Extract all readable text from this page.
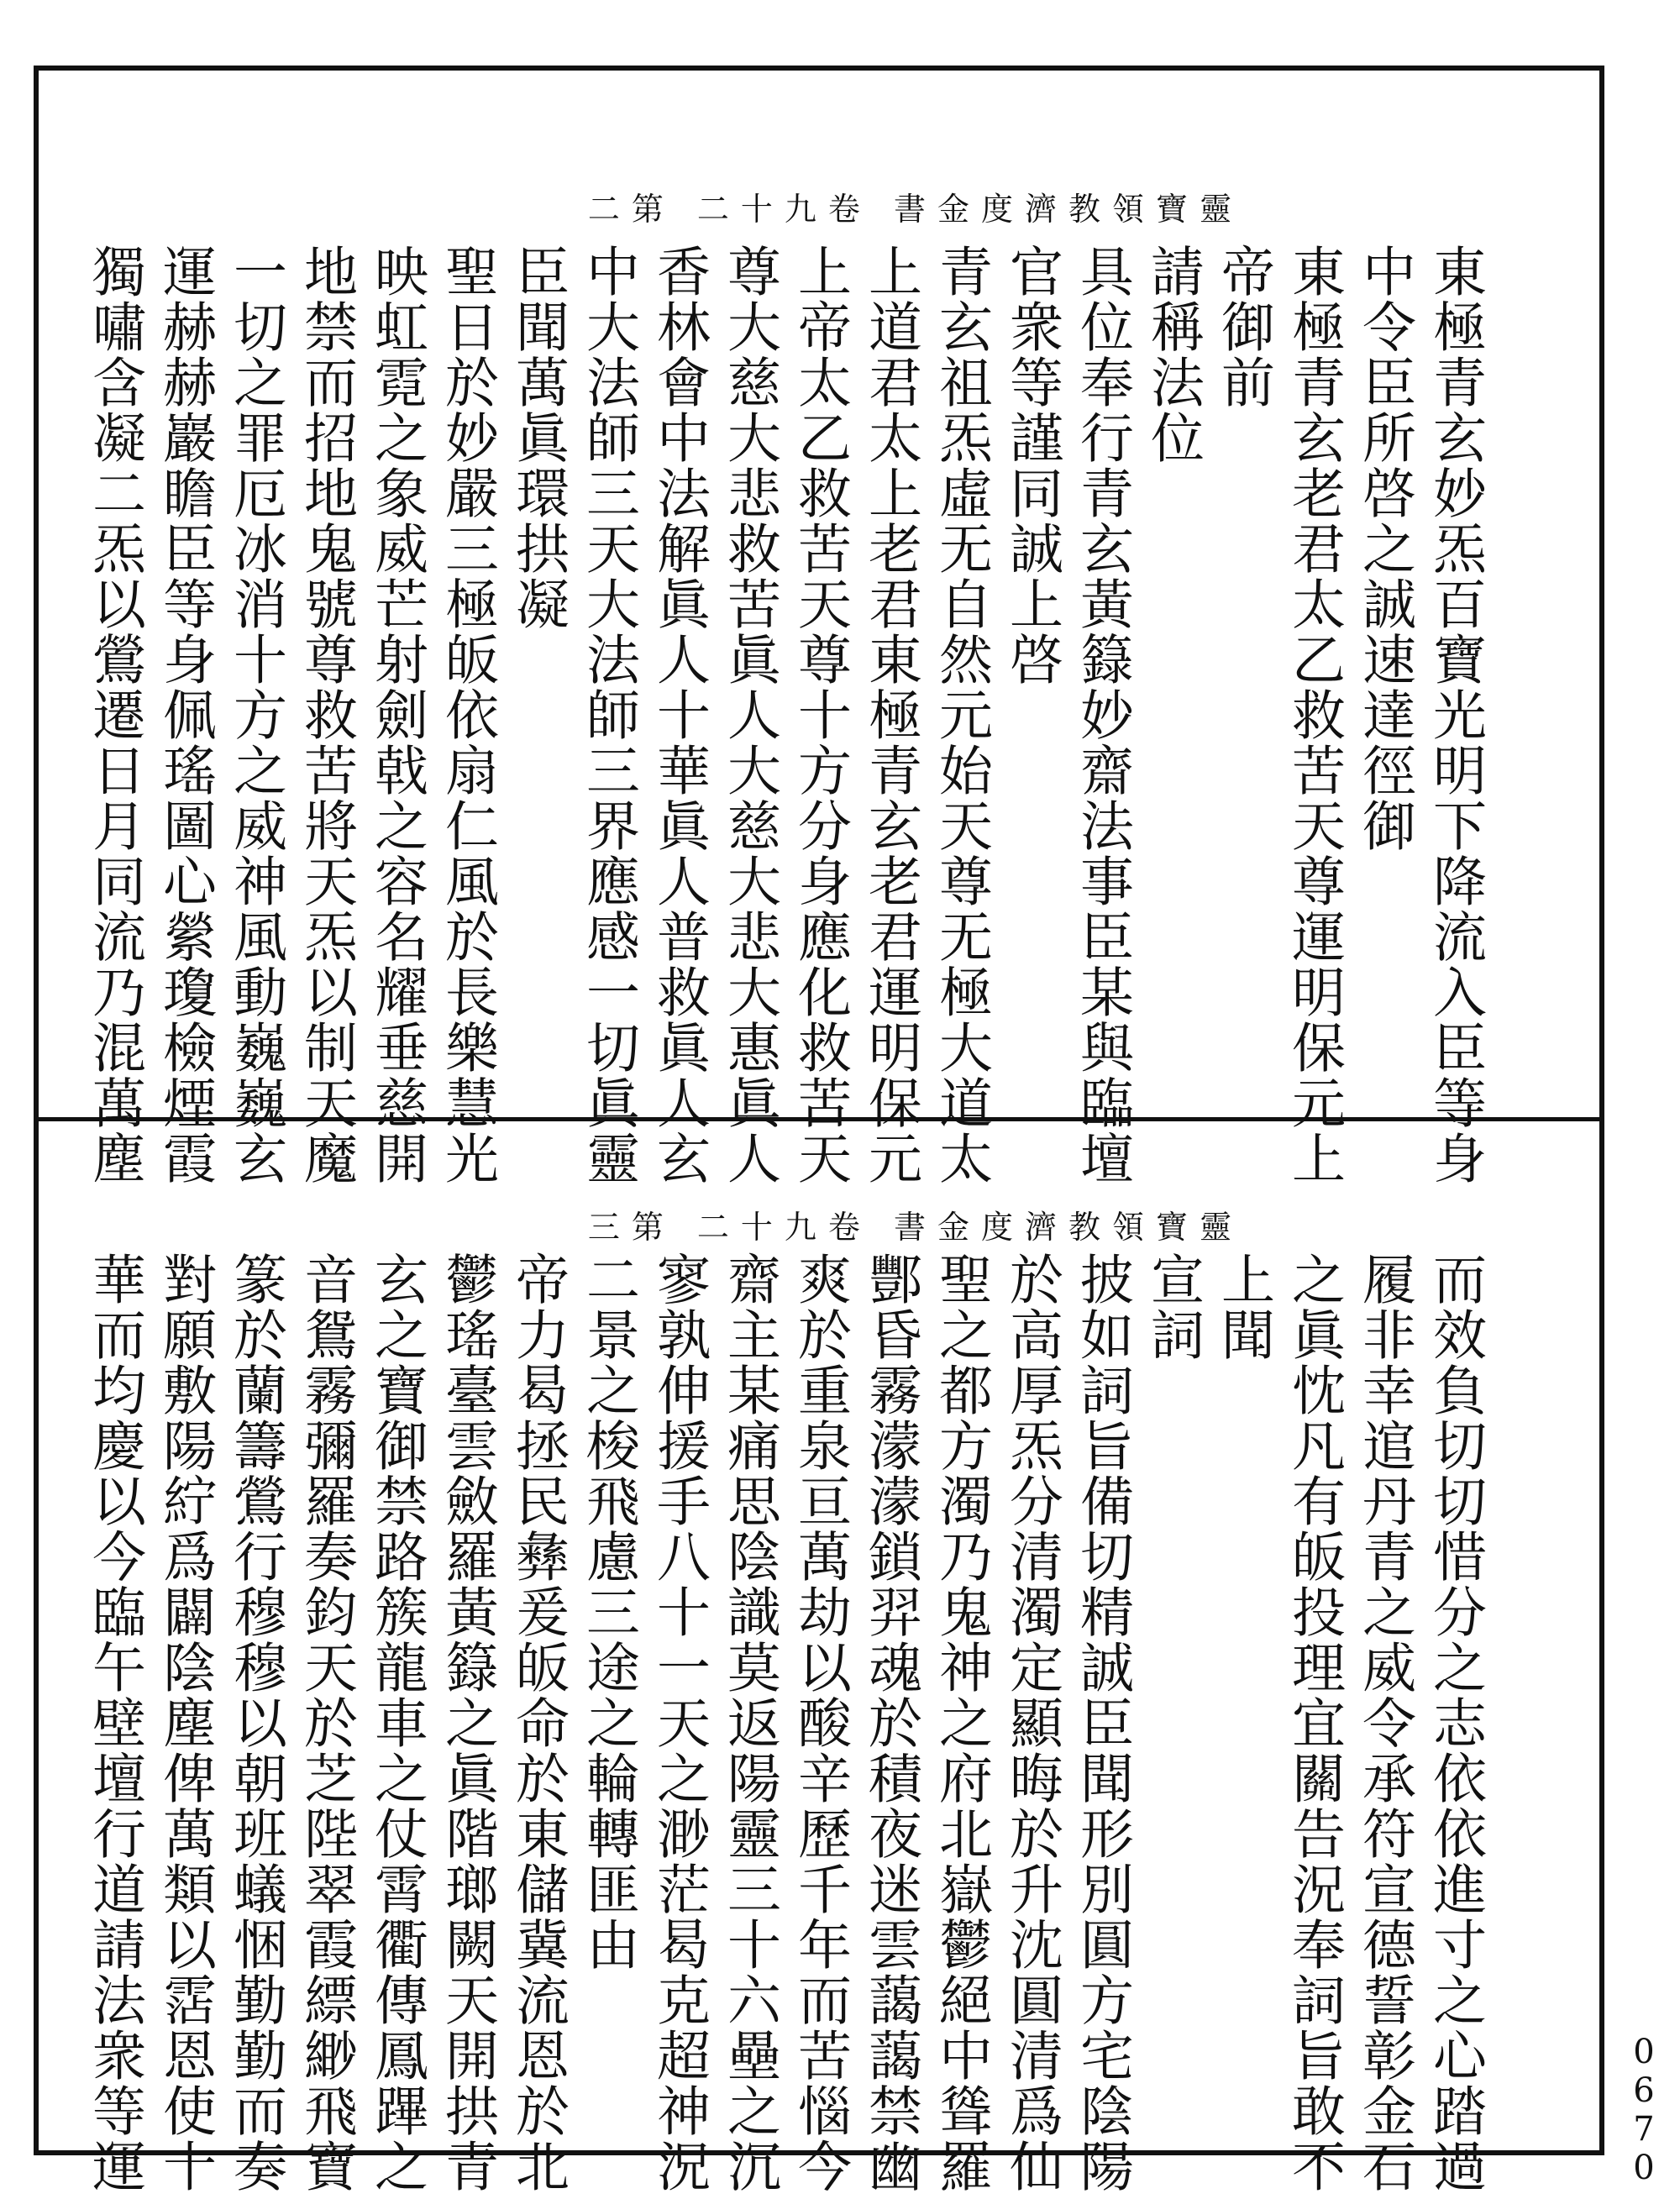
靈寶領教濟度金書 卷九十二 第二
靈寶領教濟度金書 卷九十二 第三
東極青玄妙炁百寶光明下降流入臣等身
中令臣所啓之誠速達徑御
東極青玄老君太乙救苦天尊運明保元上
帝御前
請稱法位
具位奉行青玄黃籙妙齋法事臣某與臨壇
官衆等謹同誠上啓
青玄祖炁虛无自然元始天尊无極大道太
上道君太上老君東極青玄老君運明保元
上帝太乙救苦天尊十方分身應化救苦天
尊大慈大悲救苦眞人大慈大悲大惠眞人
香林會中法解眞人十華眞人普救眞人玄
中大法師三天大法師三界應感一切眞靈
臣聞萬眞環拱凝
聖日於妙嚴三極皈依扇仁風於長樂慧光
映虹霓之象威芒射劍戟之容名耀垂慈開
地禁而招地鬼號尊救苦將天炁以制天魔
一切之罪厄冰消十方之威神風動巍巍玄
運赫赫巖瞻臣等身佩瑤圖心縈瓊檢煙霞
獨嘯含凝二炁以鶯遷日月同流乃混萬塵
而效負切切惜分之志依依進寸之心踏過
履非幸逭丹青之威令承符宣德誓彰金石
之眞忱凡有皈投理宜關告況奉詞旨敢不
上聞
宣詞
披如詞旨備切精誠臣聞形別圓方宅陰陽
於高厚炁分清濁定顯晦於升沈圓清爲仙
聖之都方濁乃鬼神之府北嶽鬱絕中聳羅
酆昏霧濛濛鎖羿魂於積夜迷雲藹藹禁幽
爽於重泉亘萬劫以酸辛歷千年而苦惱今
齋主某痛思陰識莫返陽靈三十六壘之沉
寥孰伸援手八十一天之渺茫曷克超神況
二景之梭飛慮三途之輪轉匪由
帝力曷拯民彝爰皈命於東儲冀流恩於北
鬱瑤臺雲斂羅黃籙之眞階瑯闕天開拱青
玄之寶御禁路簇龍車之仗霄衢傳鳳蹕之
音鴛霧彌羅奏鈞天於芝陛翠霞縹緲飛寶
篆於蘭籌鶯行穆穆以朝班蟻悃勤勤而奏
對願敷陽紵爲闢陰塵俾萬類以霑恩使十
華而均慶以今臨午壁壇行道請法衆等運	0670
